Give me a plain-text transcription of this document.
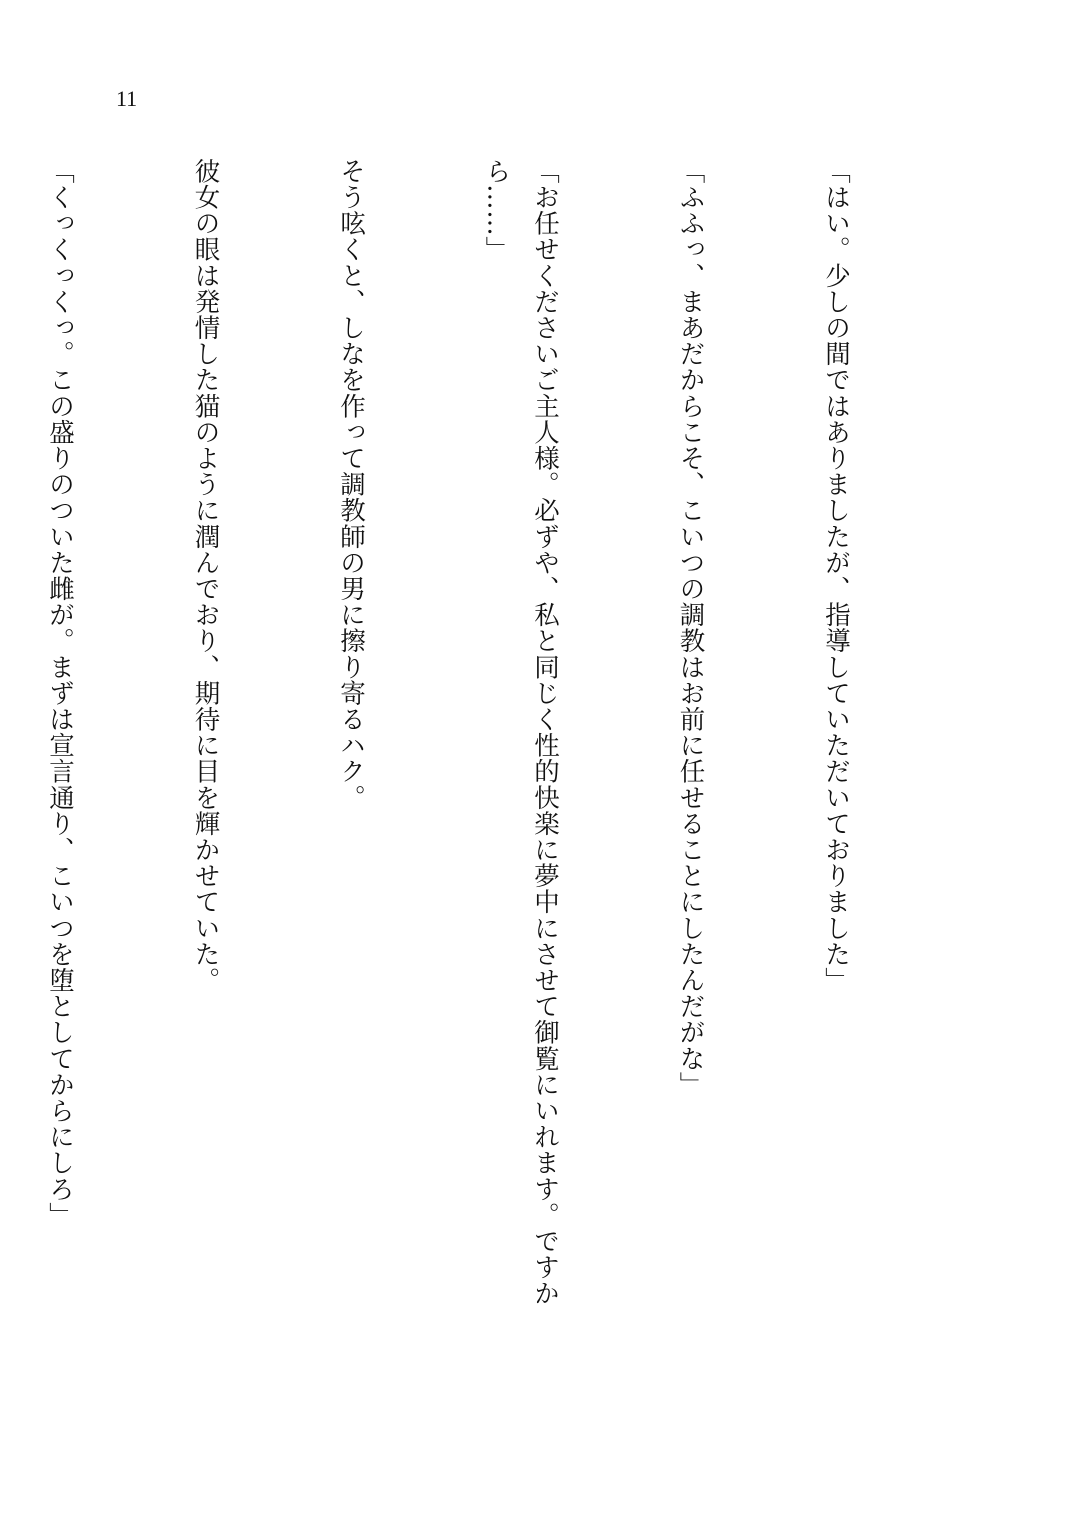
11

「はい。少しの間ではありましたが、指導していただいておりました」

「ふふっ、まあだからこそ、こいつの調教はお前に任せることにしたんだがな」

「お任せくださいご主人様。必ずや、私と同じく性的快楽に夢中にさせて御覧にいれます。ですから……」

そう呟くと、しなを作って調教師の男に擦り寄るハク。

彼女の眼は発情した猫のように潤んでおり、期待に目を輝かせていた。

「くっくっくっ。この盛りのついた雌が。まずは宣言通り、こいつを堕としてからにしろ」
